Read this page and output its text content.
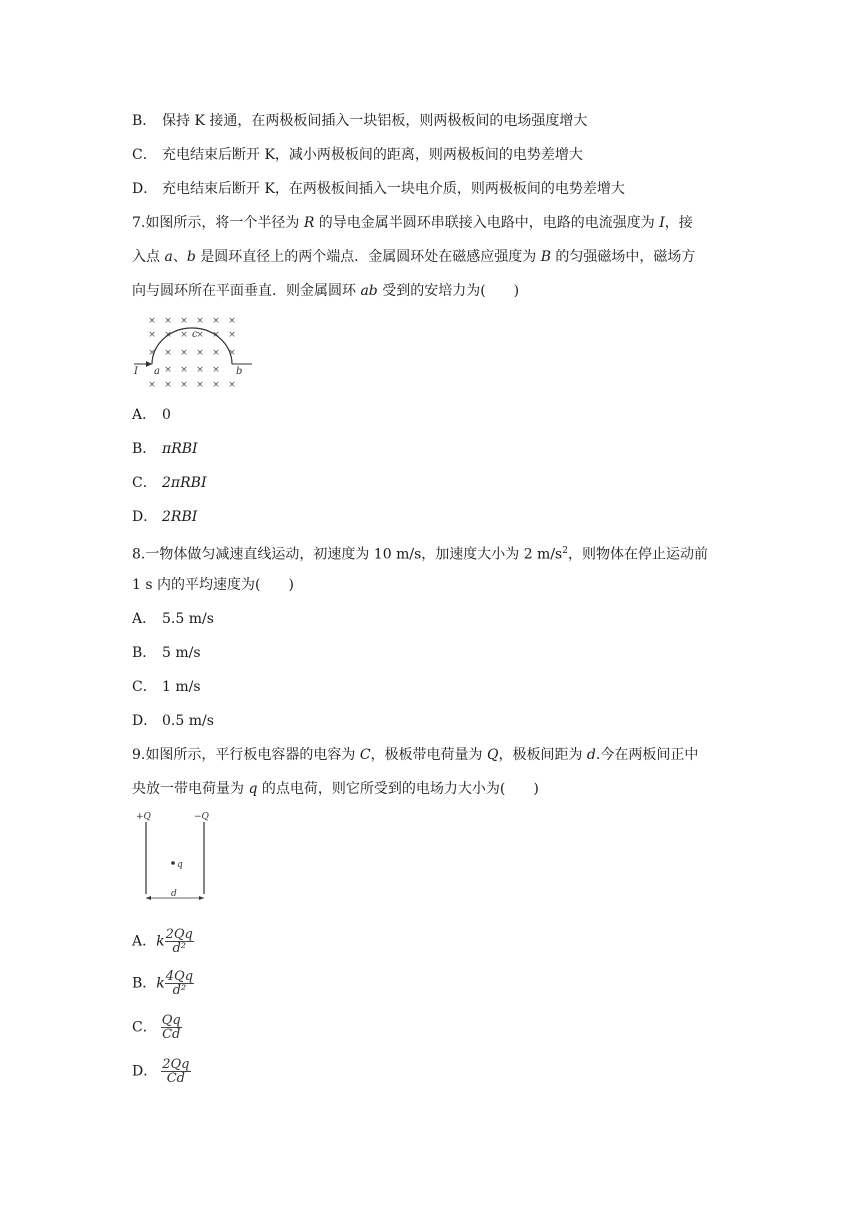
B． 保持 K 接通，在两极板间插入一块铝板，则两极板间的电场强度增大
C． 充电结束后断开 K，减小两极板间的距离，则两极板间的电势差增大
D． 充电结束后断开 K，在两极板间插入一块电介质，则两极板间的电势差增大
7.如图所示，将一个半径为 R 的导电金属半圆环串联接入电路中，电路的电流强度为 I，接
入点 a、b 是圆环直径上的两个端点．金属圆环处在磁感应强度为 B 的匀强磁场中，磁场方
向与圆环所在平面垂直．则金属圆环 ab 受到的安培力为(　　)
× × × × × ×
× × × × × ×
× × × × × ×
× × × ×
× × × × × ×
I a	b
c
A． 0
B． πRBI
C． 2πRBI
D． 2RBI
8.一物体做匀减速直线运动，初速度为 10 m/s，加速度大小为 2 $m/s^2$，则物体在停止运动前
1 s 内的平均速度为(　　)
A． 5.5 m/s
B． 5 m/s
C． 1 m/s
D． 0.5 m/s
9.如图所示，平行板电容器的电容为 C，极板带电荷量为 Q，极板间距为 d.今在两板间正中
央放一带电荷量为 q 的点电荷，则它所受到的电场力大小为(　　)
+Q	−Q
q
d
A．k $\frac{2Qq}{\text{d²}}$
B．k $\frac{4Qq}{\text{d²}}$
C． $\frac{Qq}{Cd}$
D． $\frac{2Qq}{Cd}$
